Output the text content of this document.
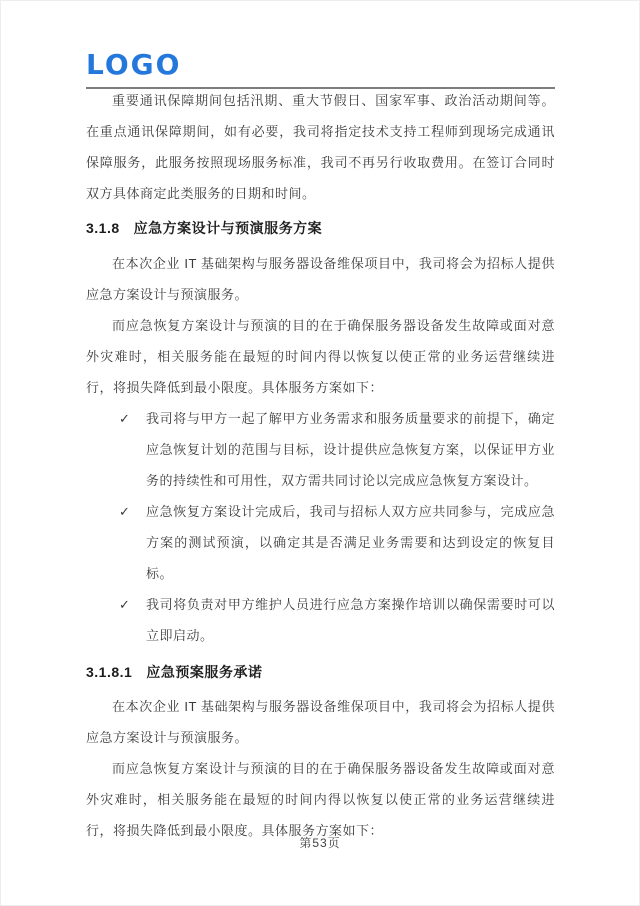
LOGO

重要通讯保障期间包括汛期、重大节假日、国家军事、政治活动期间等。在重点通讯保障期间，如有必要，我司将指定技术支持工程师到现场完成通讯保障服务，此服务按照现场服务标准，我司不再另行收取费用。在签订合同时双方具体商定此类服务的日期和时间。

3.1.8 应急方案设计与预演服务方案

在本次企业 IT 基础架构与服务器设备维保项目中，我司将会为招标人提供应急方案设计与预演服务。

而应急恢复方案设计与预演的目的在于确保服务器设备发生故障或面对意外灾难时，相关服务能在最短的时间内得以恢复以使正常的业务运营继续进行，将损失降低到最小限度。具体服务方案如下：

✓ 我司将与甲方一起了解甲方业务需求和服务质量要求的前提下，确定应急恢复计划的范围与目标，设计提供应急恢复方案，以保证甲方业务的持续性和可用性，双方需共同讨论以完成应急恢复方案设计。
✓ 应急恢复方案设计完成后，我司与招标人双方应共同参与，完成应急方案的测试预演，以确定其是否满足业务需要和达到设定的恢复目标。
✓ 我司将负责对甲方维护人员进行应急方案操作培训以确保需要时可以立即启动。
3.1.8.1 应急预案服务承诺

在本次企业 IT 基础架构与服务器设备维保项目中，我司将会为招标人提供应急方案设计与预演服务。

而应急恢复方案设计与预演的目的在于确保服务器设备发生故障或面对意外灾难时，相关服务能在最短的时间内得以恢复以使正常的业务运营继续进行，将损失降低到最小限度。具体服务方案如下：

第53页
